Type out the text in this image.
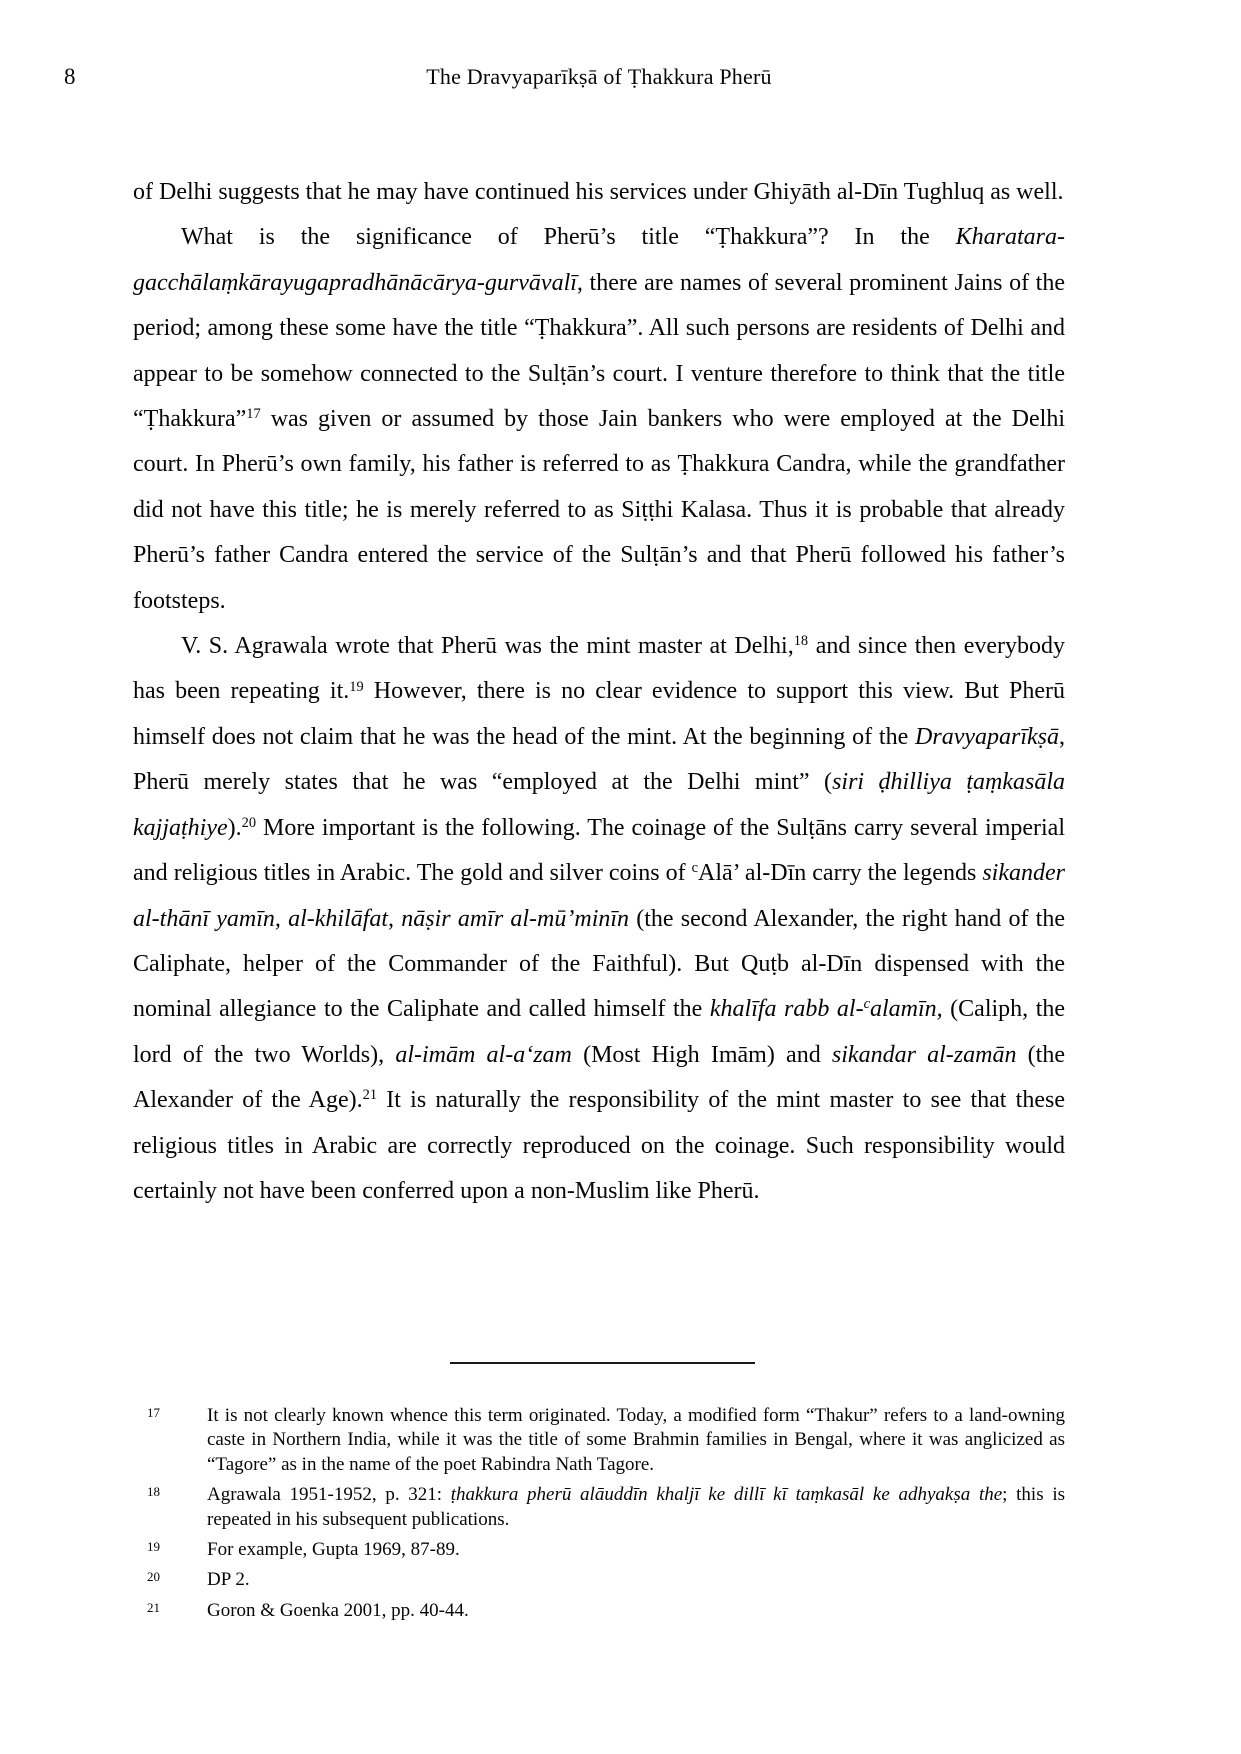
8	The Dravyaparīkṣā of Ṭhakkura Pherū

of Delhi suggests that he may have continued his services under Ghiyāth al-Dīn Tughluq as well.

What is the significance of Pherū’s title “Ṭhakkura”? In the Kharatara-gacchālaṃkārayugapradhānācārya-gurvāvalī, there are names of several prominent Jains of the period; among these some have the title “Ṭhakkura”. All such persons are residents of Delhi and appear to be somehow connected to the Sulṭān’s court. I venture therefore to think that the title “Ṭhakkura”$^{17}$ was given or assumed by those Jain bankers who were employed at the Delhi court. In Pherū’s own family, his father is referred to as Ṭhakkura Candra, while the grandfather did not have this title; he is merely referred to as Siṭṭhi Kalasa. Thus it is probable that already Pherū’s father Candra entered the service of the Sulṭān’s and that Pherū followed his father’s footsteps.

V. S. Agrawala wrote that Pherū was the mint master at Delhi,$^{18}$ and since then everybody has been repeating it.$^{19}$ However, there is no clear evidence to support this view. But Pherū himself does not claim that he was the head of the mint. At the beginning of the Dravyaparīkṣā, Pherū merely states that he was “employed at the Delhi mint” (siri ḍhilliya ṭaṃkasāla kajjaṭhiye).$^{20}$ More important is the following. The coinage of the Sulṭāns carry several imperial and religious titles in Arabic. The gold and silver coins of $^c$Alā’ al-Dīn carry the legends sikander al-thānī yamīn, al-khilāfat, nāṣir amīr al-mū’minīn (the second Alexander, the right hand of the Caliphate, helper of the Commander of the Faithful). But Quṭb al-Dīn dispensed with the nominal allegiance to the Caliphate and called himself the khalīfa rabb al-$^c$alamīn, (Caliph, the lord of the two Worlds), al-imām al-a‘zam (Most High Imām) and sikandar al-zamān (the Alexander of the Age).$^{21}$ It is naturally the responsibility of the mint master to see that these religious titles in Arabic are correctly reproduced on the coinage. Such responsibility would certainly not have been conferred upon a non-Muslim like Pherū.

17 It is not clearly known whence this term originated. Today, a modified form “Thakur” refers to a land-owning caste in Northern India, while it was the title of some Brahmin families in Bengal, where it was anglicized as “Tagore” as in the name of the poet Rabindra Nath Tagore.
18 Agrawala 1951-1952, p. 321: ṭhakkura pherū alāuddīn khaljī ke dillī kī taṃkasāl ke adhyakṣa the; this is repeated in his subsequent publications.
19 For example, Gupta 1969, 87-89.
20 DP 2.
21 Goron & Goenka 2001, pp. 40-44.
